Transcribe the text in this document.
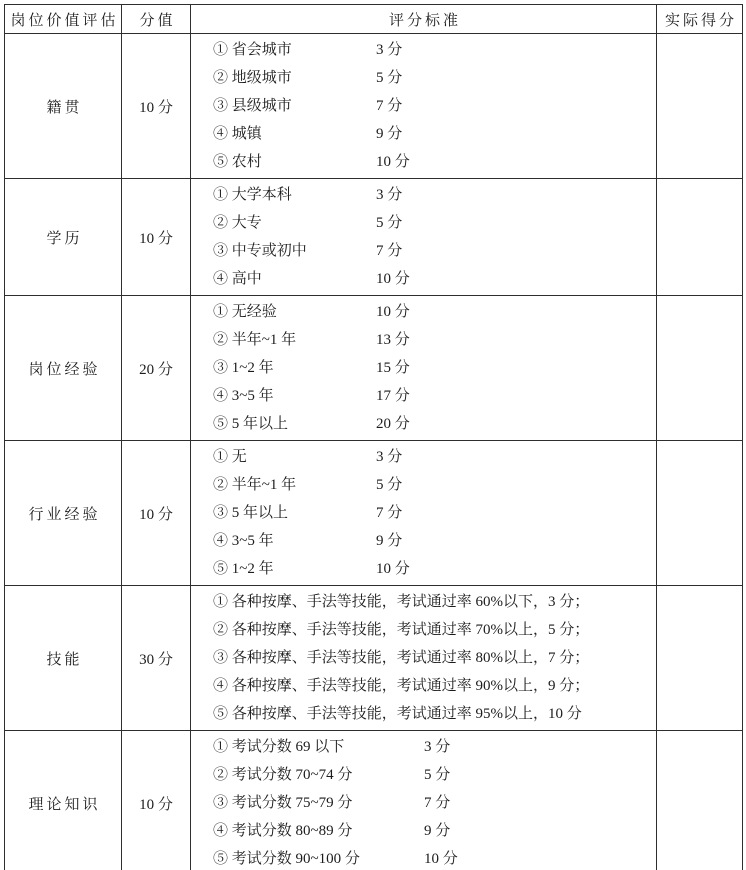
岗位价值评估	分值	评分标准	实际得分
籍贯	10 分	
① 省会城市	3 分
② 地级城市	5 分
③ 县级城市	7 分
④ 城镇	9 分
⑤ 农村	10 分

学历	10 分	
① 大学本科	3 分
② 大专	5 分
③ 中专或初中	7 分
④ 高中	10 分

岗位经验	20 分	
① 无经验	10 分
② 半年~1 年	13 分
③ 1~2 年	15 分
④ 3~5 年	17 分
⑤ 5 年以上	20 分

行业经验	10 分	
① 无	3 分
② 半年~1 年	5 分
③ 5 年以上	7 分
④ 3~5 年	9 分
⑤ 1~2 年	10 分

技能	30 分	① 各种按摩、手法等技能，考试通过率 60%以下，3 分；
② 各种按摩、手法等技能，考试通过率 70%以上，5 分；
③ 各种按摩、手法等技能，考试通过率 80%以上，7 分；
④ 各种按摩、手法等技能，考试通过率 90%以上，9 分；
⑤ 各种按摩、手法等技能，考试通过率 95%以上，10 分	

理论知识	10 分	
① 考试分数 69 以下	3 分
② 考试分数 70~74 分	5 分
③ 考试分数 75~79 分	7 分
④ 考试分数 80~89 分	9 分
⑤ 考试分数 90~100 分	10 分
